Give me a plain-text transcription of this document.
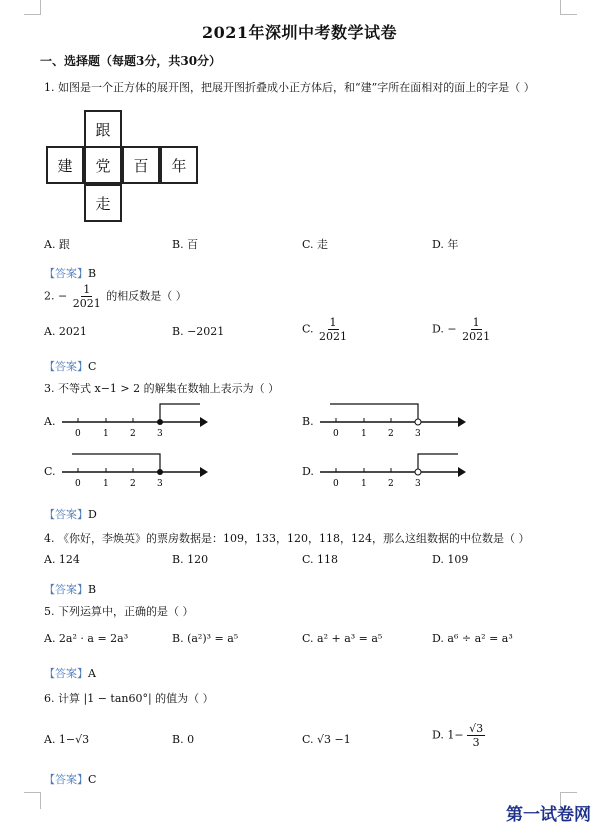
2021年深圳中考数学试卷
一、选择题（每题3分，共30分）
1. 如图是一个正方体的展开图，把展开图折叠成小正方体后，和“建”字所在面相对的面上的字是（ ）
跟
建	党	百	年
走
A. 跟	B. 百	C. 走	D. 年
【答案】B
2. − $\frac{1}{2021}$ 的相反数是（ ）
A. 2021	B. −2021	C. $\frac{1}{2021}$	D. − $\frac{1}{2021}$
【答案】C
3. 不等式 x−1 > 2 的解集在数轴上表示为（ ）
A.	B.
C.	D.
0 1 2 3	0 1 2 3
0 1 2 3	0 1 2 3
【答案】D
4. 《你好，李焕英》的票房数据是：109，133，120，118，124，那么这组数据的中位数是（ ）
A. 124	B. 120	C. 118	D. 109
【答案】B
5. 下列运算中，正确的是（ ）
A. 2a² · a = 2a³	B. (a²)³ = a⁵	C. a² + a³ = a⁵	D. a⁶ ÷ a² = a³
【答案】A
6. 计算 |1 − tan60°| 的值为（ ）
A. 1−√3	B. 0	C. √3 −1	D. $1- \frac{√3}{3}$
【答案】C
第一试卷网
